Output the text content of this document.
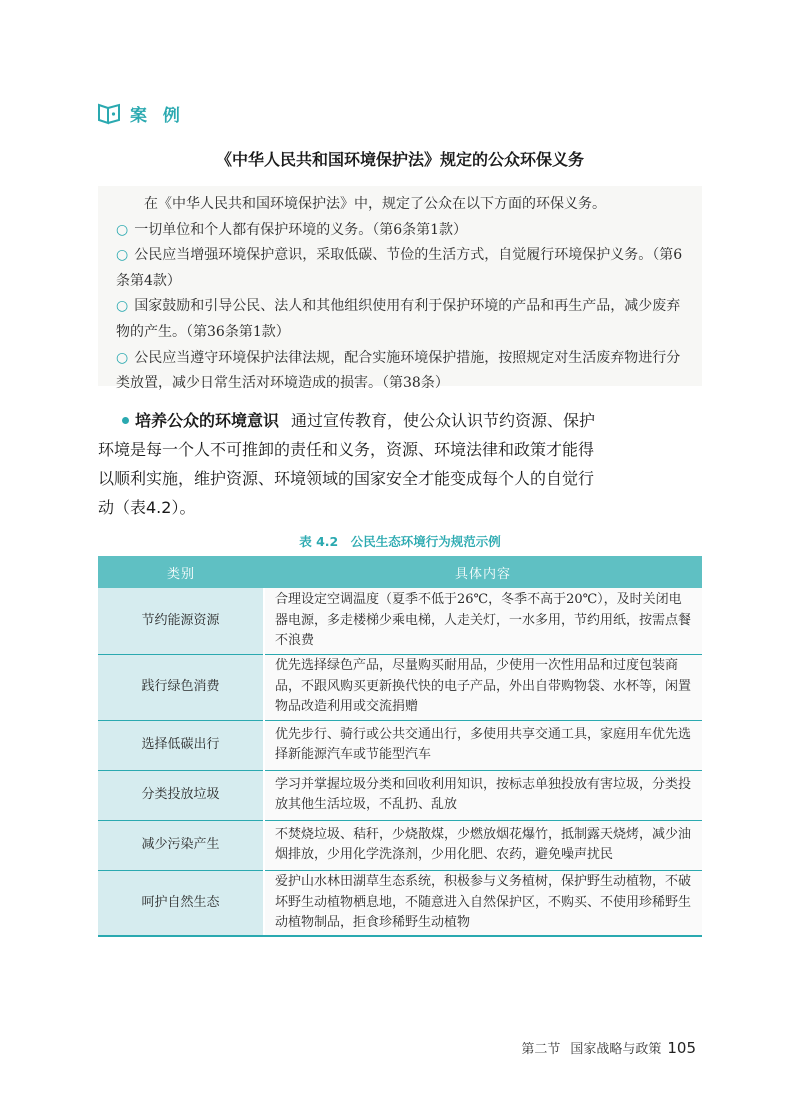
案 例
《中华人民共和国环境保护法》规定的公众环保义务

在《中华人民共和国环境保护法》中，规定了公众在以下方面的环保义务。

○ 一切单位和个人都有保护环境的义务。（第6条第1款）

○ 公民应当增强环境保护意识，采取低碳、节俭的生活方式，自觉履行环境保护义务。（第6条第4款）

○ 国家鼓励和引导公民、法人和其他组织使用有利于保护环境的产品和再生产品，减少废弃物的产生。（第36条第1款）

○ 公民应当遵守环境保护法律法规，配合实施环境保护措施，按照规定对生活废弃物进行分类放置，减少日常生活对环境造成的损害。（第38条）

培养公众的环境意识 通过宣传教育，使公众认识节约资源、保护环境是每一个人不可推卸的责任和义务，资源、环境法律和政策才能得以顺利实施，维护资源、环境领域的国家安全才能变成每个人的自觉行动（表4.2）。
表 4.2　公民生态环境行为规范示例
类别	具体内容
节约能源资源	合理设定空调温度（夏季不低于26℃，冬季不高于20℃），及时关闭电器电源，多走楼梯少乘电梯，人走关灯，一水多用，节约用纸，按需点餐不浪费
践行绿色消费	优先选择绿色产品，尽量购买耐用品，少使用一次性用品和过度包装商品，不跟风购买更新换代快的电子产品，外出自带购物袋、水杯等，闲置物品改造利用或交流捐赠
选择低碳出行	优先步行、骑行或公共交通出行，多使用共享交通工具，家庭用车优先选择新能源汽车或节能型汽车
分类投放垃圾	学习并掌握垃圾分类和回收利用知识，按标志单独投放有害垃圾，分类投放其他生活垃圾，不乱扔、乱放
减少污染产生	不焚烧垃圾、秸秆，少烧散煤，少燃放烟花爆竹，抵制露天烧烤，减少油烟排放，少用化学洗涤剂，少用化肥、农药，避免噪声扰民
呵护自然生态	爱护山水林田湖草生态系统，积极参与义务植树，保护野生动植物，不破坏野生动植物栖息地，不随意进入自然保护区，不购买、不使用珍稀野生动植物制品，拒食珍稀野生动植物
第二节 国家战略与政策 105
